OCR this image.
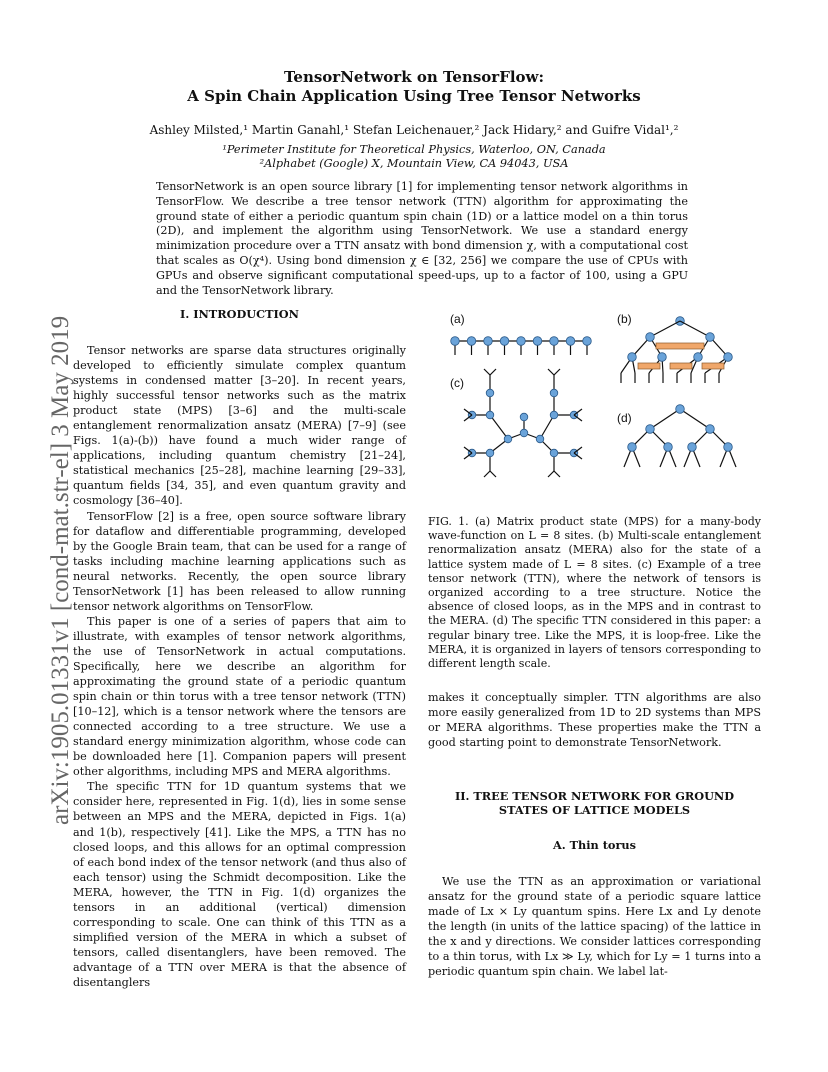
TensorNetwork on TensorFlow:
A Spin Chain Application Using Tree Tensor Networks
Ashley Milsted,¹ Martin Ganahl,¹ Stefan Leichenauer,² Jack Hidary,² and Guifre Vidal¹,²
¹Perimeter Institute for Theoretical Physics, Waterloo, ON, Canada
²Alphabet (Google) X, Mountain View, CA 94043, USA
TensorNetwork is an open source library [1] for implementing tensor network algorithms in TensorFlow. We describe a tree tensor network (TTN) algorithm for approximating the ground state of either a periodic quantum spin chain (1D) or a lattice model on a thin torus (2D), and implement the algorithm using TensorNetwork. We use a standard energy minimization procedure over a TTN ansatz with bond dimension χ, with a computational cost that scales as O(χ⁴). Using bond dimension χ ∈ [32, 256] we compare the use of CPUs with GPUs and observe significant computational speed-ups, up to a factor of 100, using a GPU and the TensorNetwork library.
arXiv:1905.01331v1 [cond-mat.str-el] 3 May 2019
I. INTRODUCTION

Tensor networks are sparse data structures originally developed to efficiently simulate complex quantum systems in condensed matter [3–20]. In recent years, highly successful tensor networks such as the matrix product state (MPS) [3–6] and the multi-scale entanglement renormalization ansatz (MERA) [7–9] (see Figs. 1(a)-(b)) have found a much wider range of applications, including quantum chemistry [21–24], statistical mechanics [25–28], machine learning [29–33], quantum fields [34, 35], and even quantum gravity and cosmology [36–40].

TensorFlow [2] is a free, open source software library for dataflow and differentiable programming, developed by the Google Brain team, that can be used for a range of tasks including machine learning applications such as neural networks. Recently, the open source library TensorNetwork [1] has been released to allow running tensor network algorithms on TensorFlow.

This paper is one of a series of papers that aim to illustrate, with examples of tensor network algorithms, the use of TensorNetwork in actual computations. Specifically, here we describe an algorithm for approximating the ground state of a periodic quantum spin chain or thin torus with a tree tensor network (TTN) [10–12], which is a tensor network where the tensors are connected according to a tree structure. We use a standard energy minimization algorithm, whose code can be downloaded here [1]. Companion papers will present other algorithms, including MPS and MERA algorithms.

The specific TTN for 1D quantum systems that we consider here, represented in Fig. 1(d), lies in some sense between an MPS and the MERA, depicted in Figs. 1(a) and 1(b), respectively [41]. Like the MPS, a TTN has no closed loops, and this allows for an optimal compression of each bond index of the tensor network (and thus also of each tensor) using the Schmidt decomposition. Like the MERA, however, the TTN in Fig. 1(d) organizes the tensors in an additional (vertical) dimension corresponding to scale. One can think of this TTN as a simplified version of the MERA in which a subset of tensors, called disentanglers, have been removed. The advantage of a TTN over MERA is that the absence of disentanglers

(a)	(b)
(c)
(d)
FIG. 1. (a) Matrix product state (MPS) for a many-body wave-function on L = 8 sites. (b) Multi-scale entanglement renormalization ansatz (MERA) also for the state of a lattice system made of L = 8 sites. (c) Example of a tree tensor network (TTN), where the network of tensors is organized according to a tree structure. Notice the absence of closed loops, as in the MPS and in contrast to the MERA. (d) The specific TTN considered in this paper: a regular binary tree. Like the MPS, it is loop-free. Like the MERA, it is organized in layers of tensors corresponding to different length scale.
makes it conceptually simpler. TTN algorithms are also more easily generalized from 1D to 2D systems than MPS or MERA algorithms. These properties make the TTN a good starting point to demonstrate TensorNetwork.
II. TREE TENSOR NETWORK FOR GROUND
STATES OF LATTICE MODELS
A. Thin torus

We use the TTN as an approximation or variational ansatz for the ground state of a periodic square lattice made of Lx × Ly quantum spins. Here Lx and Ly denote the length (in units of the lattice spacing) of the lattice in the x and y directions. We consider lattices corresponding to a thin torus, with Lx ≫ Ly, which for Ly = 1 turns into a periodic quantum spin chain. We label lat-
